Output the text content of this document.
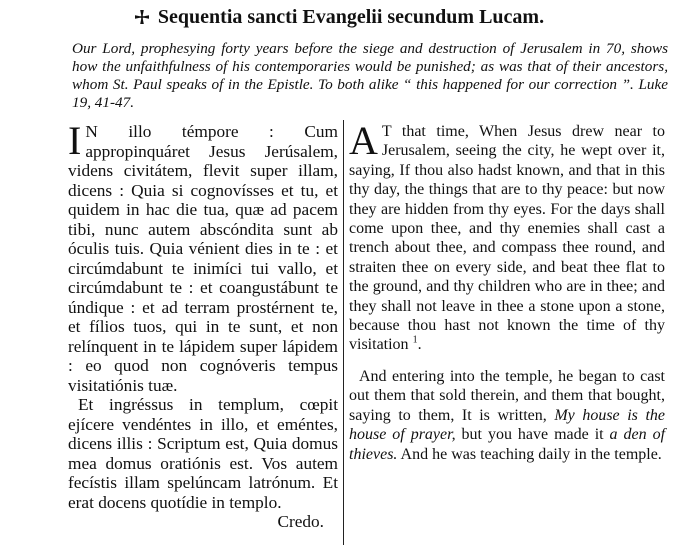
Sequentia sancti Evangelii secundum Lucam.
Our Lord, prophesying forty years before the siege and destruction of Jerusalem in 70, shows how the unfaithfulness of his contemporaries would be punished; as was that of their ancestors, whom St. Paul speaks of in the Epistle. To both alike “ this happened for our correction ”. Luke 19, 41-47.

I N illo témpore : Cum appropinquáret Jesus Jerúsalem, videns civitátem, flevit super illam, dicens : Quia si cognovísses et tu, et quidem in hac die tua, quæ ad pacem tibi, nunc autem abscóndita sunt ab óculis tuis. Quia vénient dies in te : et circúmdabunt te inimíci tui vallo, et circúmdabunt te : et coangustábunt te úndique : et ad terram prostérnent te, et fílios tuos, qui in te sunt, et non relínquent in te lápidem super lápidem : eo quod non cognóveris tempus visitatiónis tuæ.

Et ingréssus in templum, cœpit ejícere vendéntes in illo, et eméntes, dicens illis : Scriptum est, Quia domus mea domus oratiónis est. Vos autem fecístis illam spelúncam latrónum. Et erat docens quotídie in templo.

Credo.

A T that time, When Jesus drew near to Jerusalem, seeing the city, he wept over it, saying, If thou also hadst known, and that in this thy day, the things that are to thy peace: but now they are hidden from thy eyes. For the days shall come upon thee, and thy enemies shall cast a trench about thee, and compass thee round, and straiten thee on every side, and beat thee flat to the ground, and thy children who are in thee; and they shall not leave in thee a stone upon a stone, because thou hast not known the time of thy visitation $^1$.

And entering into the temple, he began to cast out them that sold therein, and them that bought, saying to them, It is written, My house is the house of prayer, but you have made it a den of thieves. And he was teaching daily in the temple.
